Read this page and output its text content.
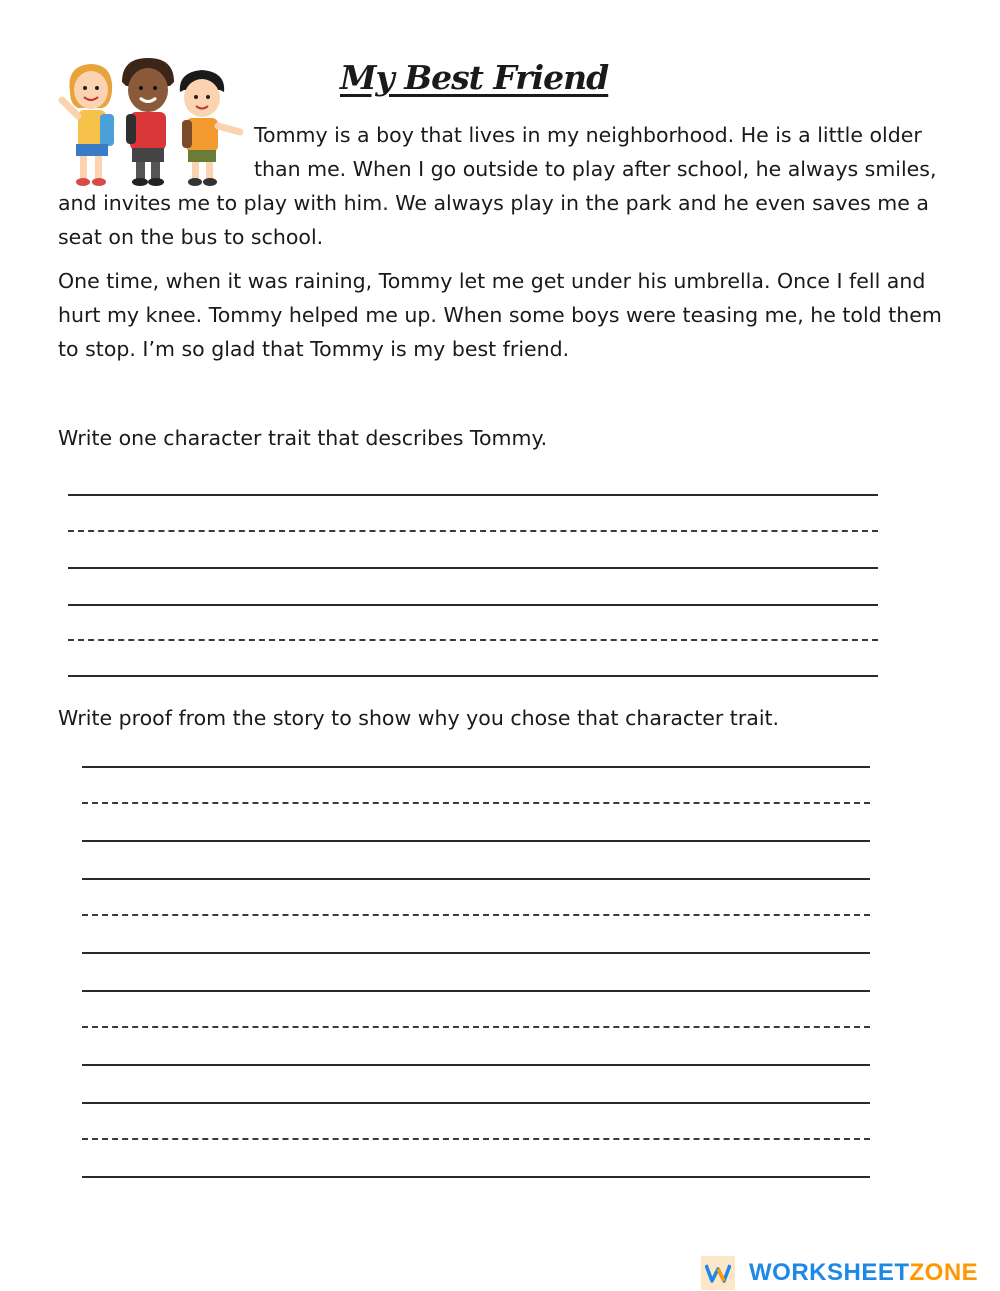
My Best Friend

Tommy is a boy that lives in my neighborhood. He is a little older than me. When I go outside to play after school, he always smiles, and invites me to play with him. We always play in the park and he even saves me a seat on the bus to school.

One time, when it was raining, Tommy let me get under his umbrella. Once I fell and hurt my knee. Tommy helped me up. When some boys were teasing me, he told them to stop. I’m so glad that Tommy is my best friend.

Write one character trait that describes Tommy.

Write proof from the story to show why you chose that character trait.

WORKSHEETZONE
